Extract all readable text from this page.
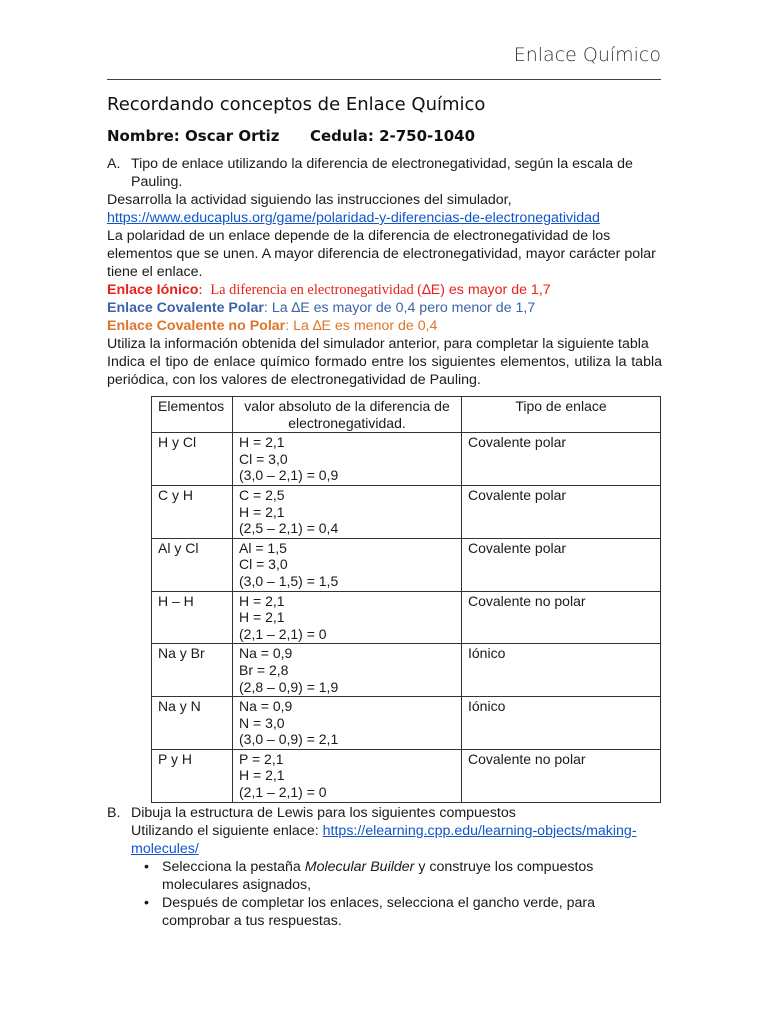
Enlace Químico
Recordando conceptos de Enlace Químico
Nombre: Oscar Ortiz Cedula: 2-750-1040
A. Tipo de enlace utilizando la diferencia de electronegatividad, según la escala de Pauling.
Desarrolla la actividad siguiendo las instrucciones del simulador,
https://www.educaplus.org/game/polaridad-y-diferencias-de-electronegatividad
La polaridad de un enlace depende de la diferencia de electronegatividad de los elementos que se unen. A mayor diferencia de electronegatividad, mayor carácter polar tiene el enlace.
Enlace Iónico: La diferencia en electronegatividad (∆E) es mayor de 1,7
Enlace Covalente Polar: La ∆E es mayor de 0,4 pero menor de 1,7
Enlace Covalente no Polar: La ∆E es menor de 0,4
Utiliza la información obtenida del simulador anterior, para completar la siguiente tabla
Indica el tipo de enlace químico formado entre los siguientes elementos, utiliza la tabla periódica, con los valores de electronegatividad de Pauling.
Elementos	valor absoluto de la diferencia de electronegatividad.	Tipo de enlace
H y Cl	H = 2,1
Cl = 3,0
(3,0 – 2,1) = 0,9	Covalente polar
C y H	C = 2,5
H = 2,1
(2,5 – 2,1) = 0,4	Covalente polar
Al y Cl	Al = 1,5
Cl = 3,0
(3,0 – 1,5) = 1,5	Covalente polar
H – H	H = 2,1
H = 2,1
(2,1 – 2,1) = 0	Covalente no polar
Na y Br	Na = 0,9
Br = 2,8
(2,8 – 0,9) = 1,9	Iónico
Na y N	Na = 0,9
N = 3,0
(3,0 – 0,9) = 2,1	Iónico
P y H	P = 2,1
H = 2,1
(2,1 – 2,1) = 0	Covalente no polar
B. Dibuja la estructura de Lewis para los siguientes compuestos
Utilizando el siguiente enlace: https://elearning.cpp.edu/learning-objects/making-molecules/
• Selecciona la pestaña Molecular Builder y construye los compuestos moleculares asignados,
• Después de completar los enlaces, selecciona el gancho verde, para comprobar a tus respuestas.
